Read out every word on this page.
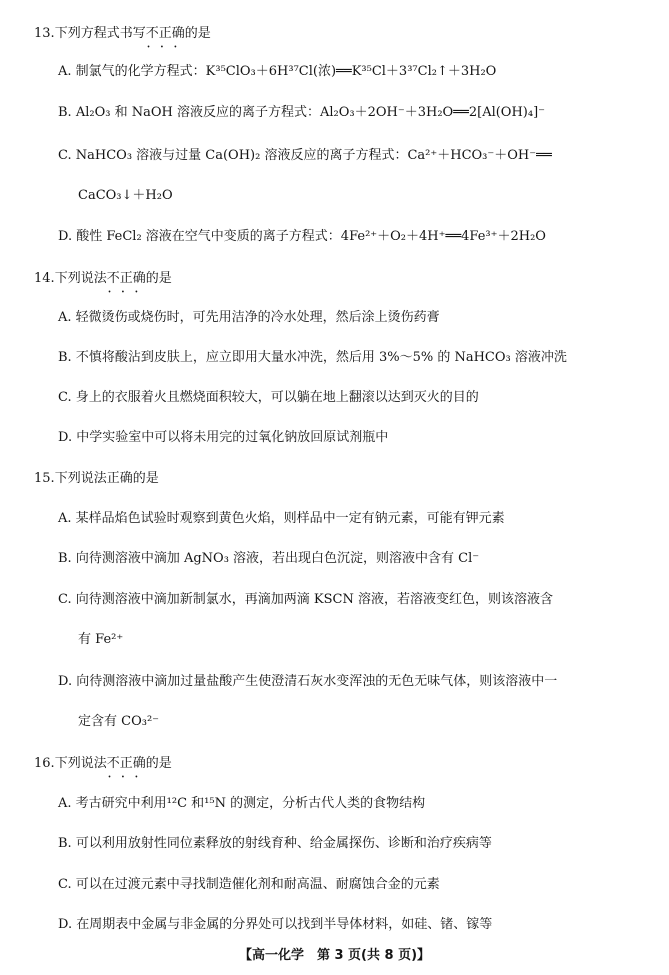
13.下列方程式书写不正 • • •确的是
A. 制氯气的化学方程式：K³⁵ClO₃＋6H³⁷Cl(浓)══K³⁵Cl＋3³⁷Cl₂↑＋3H₂O
B. Al₂O₃ 和 NaOH 溶液反应的离子方程式：Al₂O₃＋2OH⁻＋3H₂O══2[Al(OH)₄]⁻
C. NaHCO₃ 溶液与过量 Ca(OH)₂ 溶液反应的离子方程式：Ca²⁺＋HCO₃⁻＋OH⁻══
CaCO₃↓＋H₂O
D. 酸性 FeCl₂ 溶液在空气中变质的离子方程式：4Fe²⁺＋O₂＋4H⁺══4Fe³⁺＋2H₂O
14.下列说法不正确 • • •的是
A. 轻微烫伤或烧伤时，可先用洁净的冷水处理，然后涂上烫伤药膏
B. 不慎将酸沾到皮肤上，应立即用大量水冲洗，然后用 3%～5% 的 NaHCO₃ 溶液冲洗
C. 身上的衣服着火且燃烧面积较大，可以躺在地上翻滚以达到灭火的目的
D. 中学实验室中可以将未用完的过氧化钠放回原试剂瓶中
15.下列说法正确的是
A. 某样品焰色试验时观察到黄色火焰，则样品中一定有钠元素，可能有钾元素
B. 向待测溶液中滴加 AgNO₃ 溶液，若出现白色沉淀，则溶液中含有 Cl⁻
C. 向待测溶液中滴加新制氯水，再滴加两滴 KSCN 溶液，若溶液变红色，则该溶液含
有 Fe²⁺
D. 向待测溶液中滴加过量盐酸产生使澄清石灰水变浑浊的无色无味气体，则该溶液中一
定含有 CO₃²⁻
16.下列说法不正确 • • •的是
A. 考古研究中利用¹²C 和¹⁵N 的测定，分析古代人类的食物结构
B. 可以利用放射性同位素释放的射线育种、给金属探伤、诊断和治疗疾病等
C. 可以在过渡元素中寻找制造催化剂和耐高温、耐腐蚀合金的元素
D. 在周期表中金属与非金属的分界处可以找到半导体材料，如硅、锗、镓等
【高一化学　第 3 页(共 8 页)】
